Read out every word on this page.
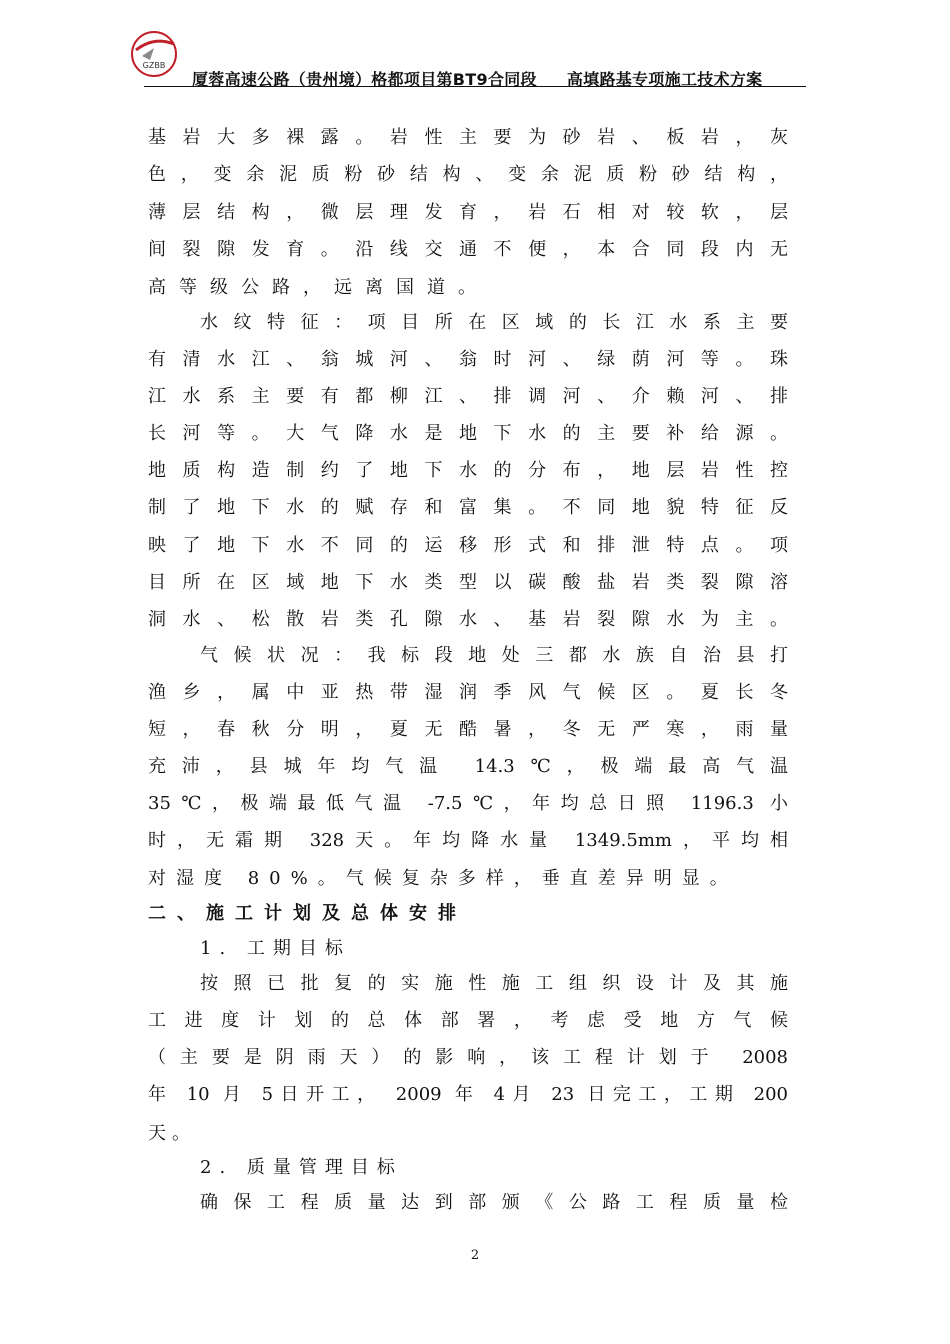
GZBB
厦蓉高速公路（贵州境）格都项目第BT9合同段 高填路基专项施工技术方案
基岩大多裸露。岩性主要为砂岩、板岩，灰
色，变余泥质粉砂结构、变余泥质粉砂结构，
薄层结构，微层理发育，岩石相对较软，层
间裂隙发育。沿线交通不便，本合同段内无
高等级公路，远离国道。
水纹特征：项目所在区域的长江水系主要
有清水江、翁城河、翁时河、绿荫河等。珠
江水系主要有都柳江、排调河、介赖河、排
长河等。大气降水是地下水的主要补给源。
地质构造制约了地下水的分布，地层岩性控
制了地下水的赋存和富集。不同地貌特征反
映了地下水不同的运移形式和排泄特点。项
目所在区域地下水类型以碳酸盐岩类裂隙溶
洞水、松散岩类孔隙水、基岩裂隙水为主。
气候状况：我标段地处三都水族自治县打
渔乡，属中亚热带湿润季风气候区。夏长冬
短，春秋分明，夏无酷暑，冬无严寒，雨量
充沛，县城年均气温 14.3℃，极端最高气温
35℃，极端最低气温 -7.5℃，年均总日照 1196.3 小
时，无霜期 328天。年均降水量 1349.5mm，平均相
对湿度 80%。气候复杂多样，垂直差异明显。
二、施工计划及总体安排
1. 工期目标
按照已批复的实施性施工组织设计及其施
工进度计划的总体部署，考虑受地方气候
（主要是阴雨天）的影响，该工程计划于 2008
年 10 月 5日开工， 2009 年 4月 23 日完工，工期 200
天。
2. 质量管理目标
确保工程质量达到部颁《公路工程质量检
2
